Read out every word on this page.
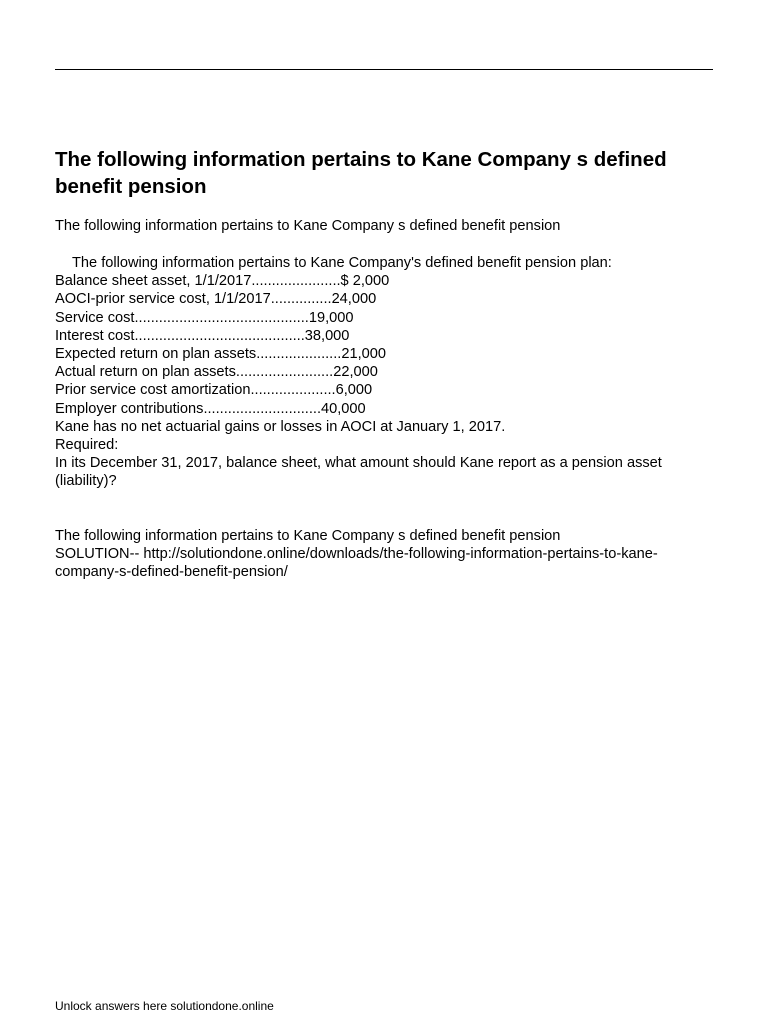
The following information pertains to Kane Company s defined benefit pension

The following information pertains to Kane Company s defined benefit pension

The following information pertains to Kane Company's defined benefit pension plan:

Balance sheet asset, 1/1/2017......................$ 2,000

AOCI-prior service cost, 1/1/2017...............24,000

Service cost...........................................19,000

Interest cost..........................................38,000

Expected return on plan assets.....................21,000

Actual return on plan assets........................22,000

Prior service cost amortization.....................6,000

Employer contributions.............................40,000

Kane has no net actuarial gains or losses in AOCI at January 1, 2017.

Required:

In its December 31, 2017, balance sheet, what amount should Kane report as a pension asset (liability)?

The following information pertains to Kane Company s defined benefit pension

SOLUTION-- http://solutiondone.online/downloads/the-following-information-pertains-to-kane-company-s-defined-benefit-pension/

Unlock answers here solutiondone.online
